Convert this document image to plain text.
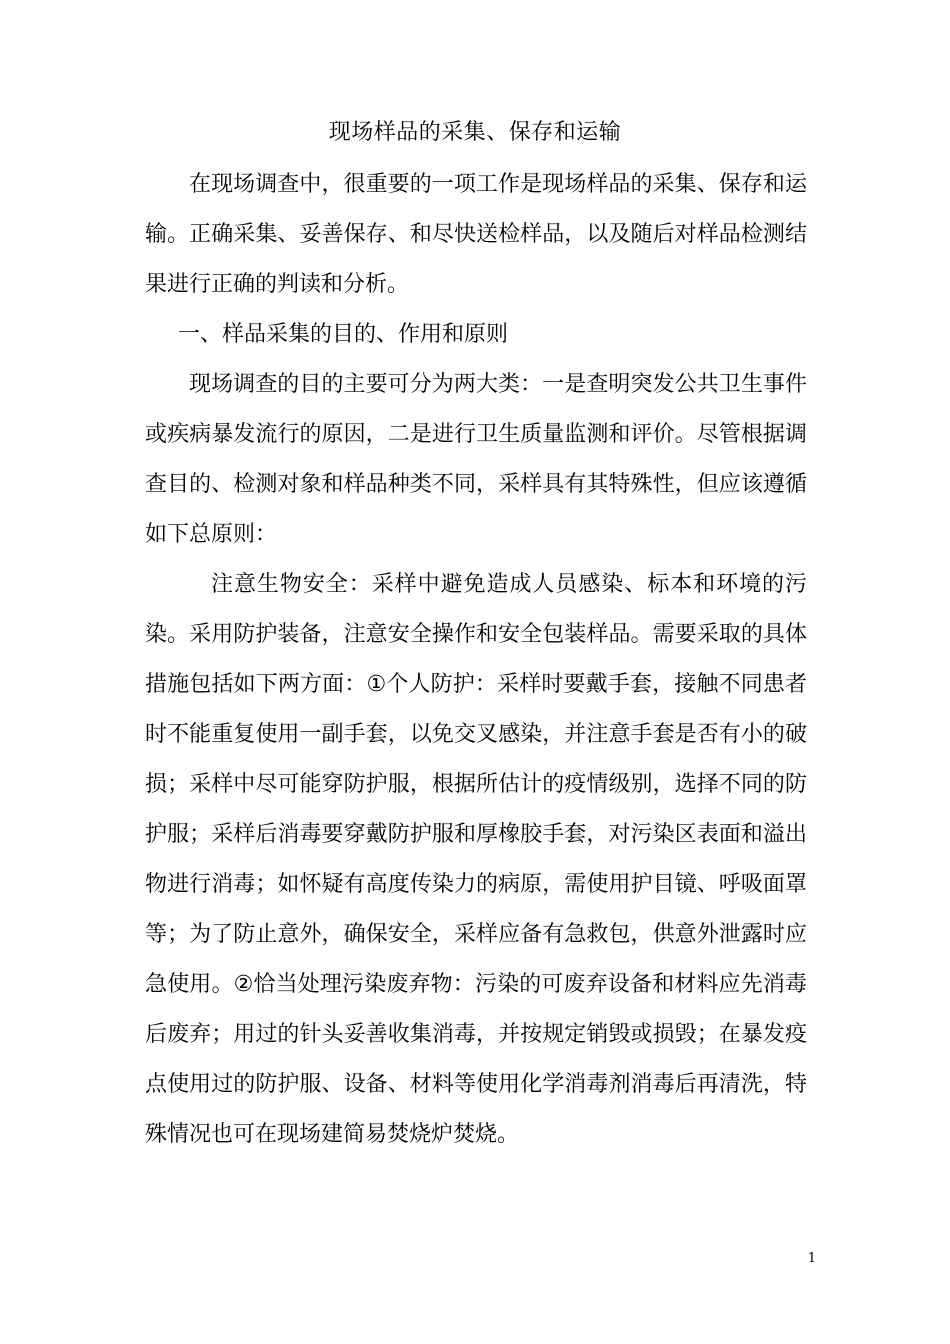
现场样品的采集、保存和运输

在现场调查中，很重要的一项工作是现场样品的采集、保存和运输。正确采集、妥善保存、和尽快送检样品，以及随后对样品检测结果进行正确的判读和分析。

一、样品采集的目的、作用和原则

现场调查的目的主要可分为两大类：一是查明突发公共卫生事件或疾病暴发流行的原因，二是进行卫生质量监测和评价。尽管根据调查目的、检测对象和样品种类不同，采样具有其特殊性，但应该遵循如下总原则：

注意生物安全：采样中避免造成人员感染、标本和环境的污染。采用防护装备，注意安全操作和安全包装样品。需要采取的具体措施包括如下两方面：①个人防护：采样时要戴手套，接触不同患者时不能重复使用一副手套，以免交叉感染，并注意手套是否有小的破损；采样中尽可能穿防护服，根据所估计的疫情级别，选择不同的防护服；采样后消毒要穿戴防护服和厚橡胶手套，对污染区表面和溢出物进行消毒；如怀疑有高度传染力的病原，需使用护目镜、呼吸面罩等；为了防止意外，确保安全，采样应备有急救包，供意外泄露时应急使用。②恰当处理污染废弃物：污染的可废弃设备和材料应先消毒后废弃；用过的针头妥善收集消毒，并按规定销毁或损毁；在暴发疫点使用过的防护服、设备、材料等使用化学消毒剂消毒后再清洗，特殊情况也可在现场建简易焚烧炉焚烧。

1
